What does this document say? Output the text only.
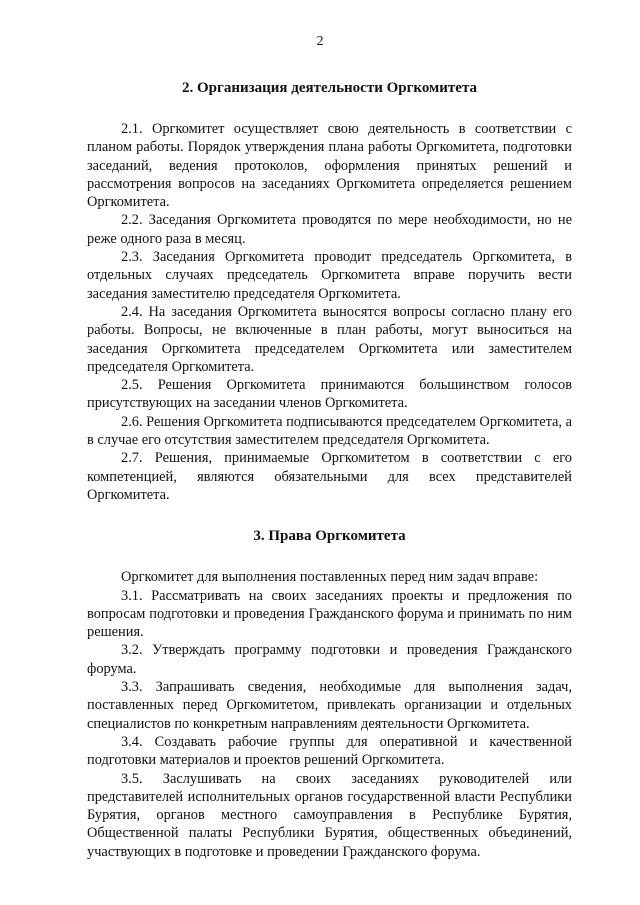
2
2. Организация деятельности Оргкомитета

2.1. Оргкомитет осуществляет свою деятельность в соответствии с планом работы. Порядок утверждения плана работы Оргкомитета, подготовки заседаний, ведения протоколов, оформления принятых решений и рассмотрения вопросов на заседаниях Оргкомитета определяется решением Оргкомитета.

2.2. Заседания Оргкомитета проводятся по мере необходимости, но не реже одного раза в месяц.

2.3. Заседания Оргкомитета проводит председатель Оргкомитета, в отдельных случаях председатель Оргкомитета вправе поручить вести заседания заместителю председателя Оргкомитета.

2.4. На заседания Оргкомитета выносятся вопросы согласно плану его работы. Вопросы, не включенные в план работы, могут выноситься на заседания Оргкомитета председателем Оргкомитета или заместителем председателя Оргкомитета.

2.5. Решения Оргкомитета принимаются большинством голосов присутствующих на заседании членов Оргкомитета.

2.6. Решения Оргкомитета подписываются председателем Оргкомитета, а в случае его отсутствия заместителем председателя Оргкомитета.

2.7. Решения, принимаемые Оргкомитетом в соответствии с его компетенцией, являются обязательными для всех представителей Оргкомитета.

3. Права Оргкомитета

Оргкомитет для выполнения поставленных перед ним задач вправе:

3.1. Рассматривать на своих заседаниях проекты и предложения по вопросам подготовки и проведения Гражданского форума и принимать по ним решения.

3.2. Утверждать программу подготовки и проведения Гражданского форума.

3.3. Запрашивать сведения, необходимые для выполнения задач, поставленных перед Оргкомитетом, привлекать организации и отдельных специалистов по конкретным направлениям деятельности Оргкомитета.

3.4. Создавать рабочие группы для оперативной и качественной подготовки материалов и проектов решений Оргкомитета.

3.5. Заслушивать на своих заседаниях руководителей или представителей исполнительных органов государственной власти Республики Бурятия, органов местного самоуправления в Республике Бурятия, Общественной палаты Республики Бурятия, общественных объединений, участвующих в подготовке и проведении Гражданского форума.
